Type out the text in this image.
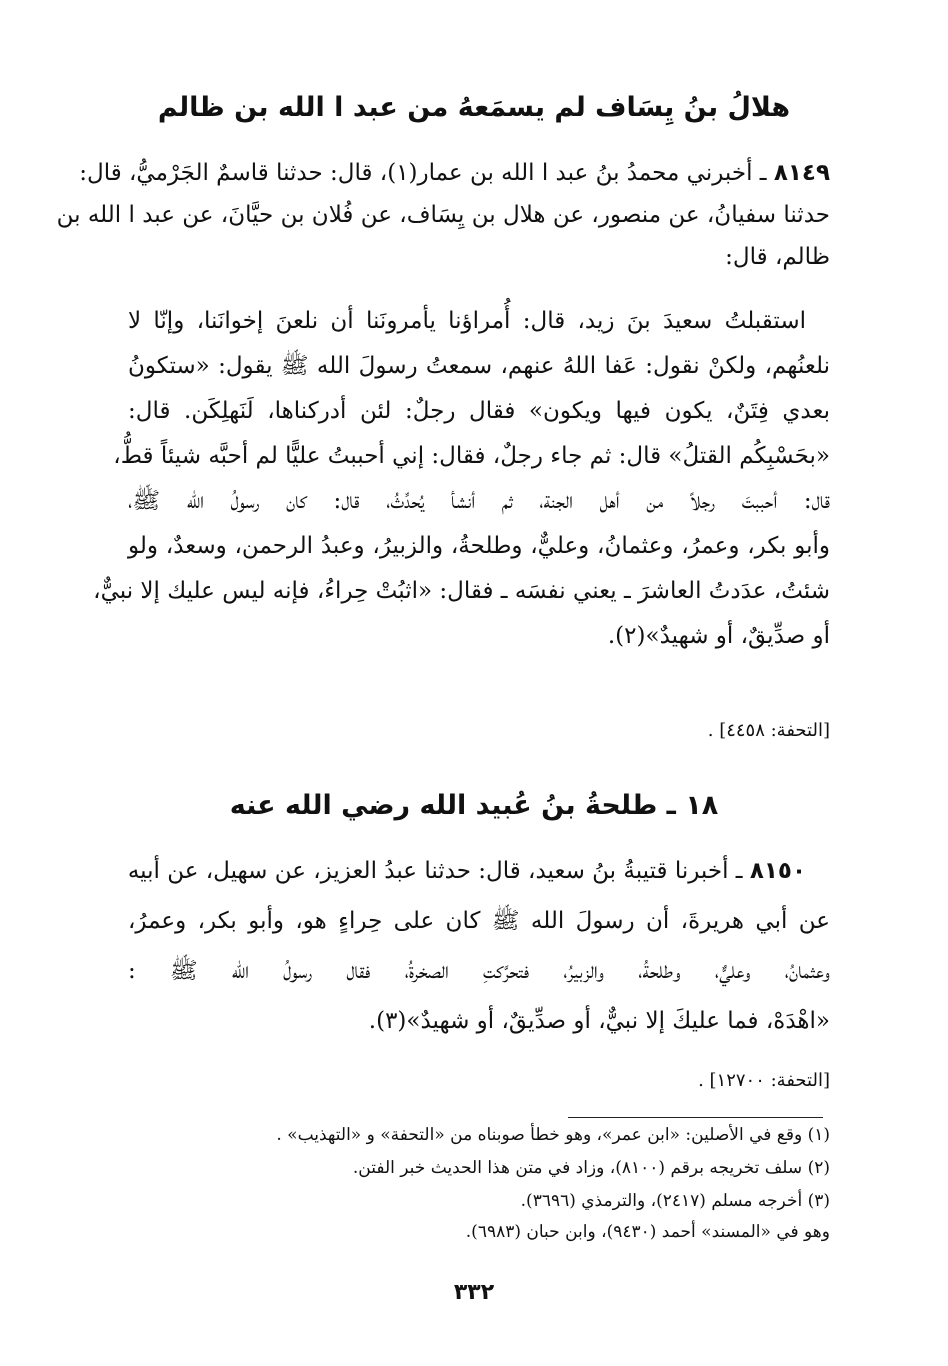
هلالُ بنُ يِسَاف لم يسمَعهُ من عبد ا الله بن ظالم
٨١٤٩ ـ أخبرني محمدُ بنُ عبد ا الله بن عمار(١)، قال: حدثنا قاسمٌ الجَرْميُّ، قال:
حدثنا سفيانُ، عن منصور، عن هلال بن يِسَاف، عن فُلان بن حيَّانَ، عن عبد ا الله بن
ظالم، قال:
استقبلتُ سعيدَ بنَ زيد، قال: أُمراؤنا يأمرونَنا أن نلعنَ إخوانَنا، وإنّا لا
نلعنُهم، ولكنْ نقول: عَفا اللهُ عنهم، سمعتُ رسولَ الله ﷺ يقول: «ستكونُ
بعدي فِتَنٌ، يكون فيها ويكون» فقال رجلٌ: لئن أدركناها، لَنَهلِكَن. قال:
«بحَسْبِكُم القتلُ» قال: ثم جاء رجلٌ، فقال: إني أحببتُ عليًّا لم أحبَّه شيئاً قطُّ،
قال: أحببتَ رجلاً من أهل الجنة، ثم أنشأ يُحدِّثُ، قال: كان رسولُ الله ﷺ،
وأبو بكر، وعمرُ، وعثمانُ، وعليٌّ، وطلحةُ، والزبيرُ، وعبدُ الرحمن، وسعدٌ، ولو
شئتُ، عدَدتُ العاشرَ ـ يعني نفسَه ـ فقال: «اثبُتْ حِراءُ، فإنه ليس عليك إلا نبيٌّ،
أو صدِّيقٌ، أو شهيدٌ»(٢).
[التحفة: ٤٤٥٨] .
١٨ ـ طلحةُ بنُ عُبيد الله رضي الله عنه
٨١٥٠ ـ أخبرنا قتيبةُ بنُ سعيد، قال: حدثنا عبدُ العزيز، عن سهيل، عن أبيه
عن أبي هريرةَ، أن رسولَ الله ﷺ كان على حِراءٍ هو، وأبو بكر، وعمرُ،
وعثمانُ، وعليٌّ، وطلحةُ، والزبيرُ، فتحرَّكتِ الصخرةُ، فقال رسولُ الله ﷺ :
«اهْدَهْ، فما عليكَ إلا نبيٌّ، أو صدِّيقٌ، أو شهيدٌ»(٣).
[التحفة: ١٢٧٠٠] .
(١) وقع في الأصلين: «ابن عمر»، وهو خطأ صوبناه من «التحفة» و «التهذيب» .
(٢) سلف تخريجه برقم (٨١٠٠)، وزاد في متن هذا الحديث خبر الفتن.
(٣) أخرجه مسلم (٢٤١٧)، والترمذي (٣٦٩٦).
وهو في «المسند» أحمد (٩٤٣٠)، وابن حبان (٦٩٨٣).
٣٣٢
